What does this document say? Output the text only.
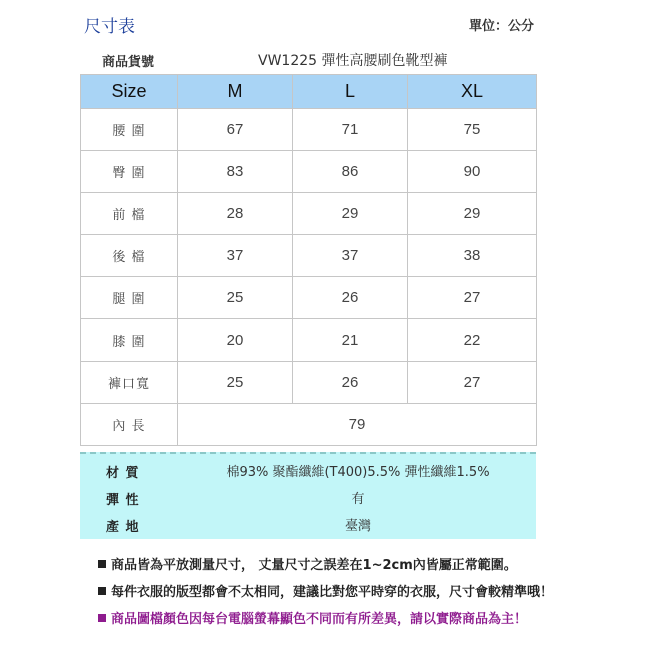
尺寸表	單位：公分
商品貨號	VW1225 彈性高腰刷色靴型褲
Size	M	L	XL
腰 圍	67	71	75
臀 圍	83	86	90
前 檔	28	29	29
後 檔	37	37	38
腿 圍	25	26	27
膝 圍	20	21	22
褲口寬	25	26	27
內 長	79		
材 質	棉93% 聚酯纖維(T400)5.5% 彈性纖維1.5%
彈 性	有
產 地	臺灣
商品皆為平放測量尺寸， 丈量尺寸之誤差在1~2cm內皆屬正常範圍。
每件衣服的版型都會不太相同，建議比對您平時穿的衣服，尺寸會較精準哦！
商品圖檔顏色因每台電腦螢幕顯色不同而有所差異，請以實際商品為主！
